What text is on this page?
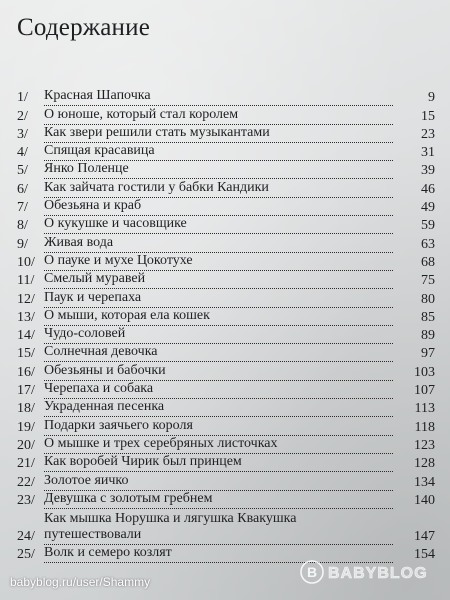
Содержание
1/	Красная Шапочка	9
2/	О юноше, который стал королем	15
3/	Как звери решили стать музыкантами	23
4/	Спящая красавица	31
5/	Янко Поленце	39
6/	Как зайчата гостили у бабки Кандики	46
7/	Обезьяна и краб	49
8/	О кукушке и часовщике	59
9/	Живая вода	63
10/ О пауке и мухе Цокотухе	68
11/ Смелый муравей	75
12/ Паук и черепаха	80
13/ О мыши, которая ела кошек	85
14/ Чудо-соловей	89
15/ Солнечная девочка	97
16/ Обезьяны и бабочки	103
17/ Черепаха и собака	107
18/ Украденная песенка	113
19/ Подарки заячьего короля	118
20/ О мышке и трех серебряных листочках	123
21/ Как воробей Чирик был принцем	128
22/ Золотое яичко	134
23/ Девушка с золотым гребнем	140
24/
Как мышка Норушка и лягушка Квакушка
путешествовали	147
25/ Волк и семеро козлят	154
B BABYBLOG
babyblog.ru/user/Shammy
